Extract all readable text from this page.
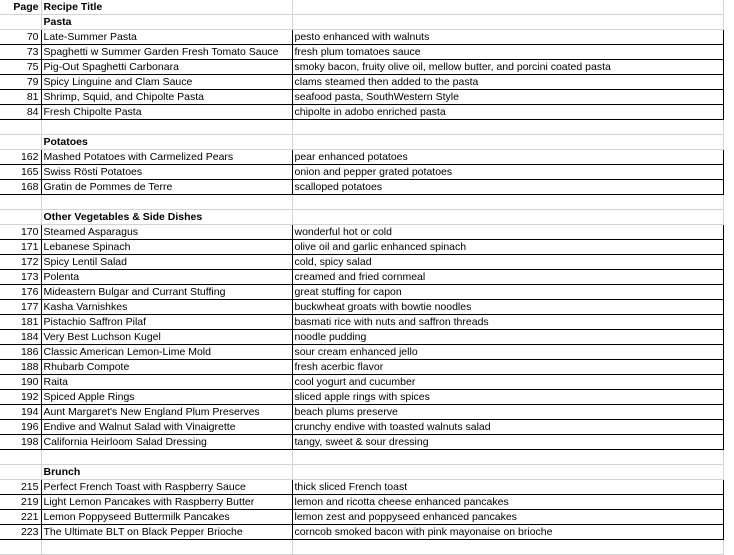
Page	Recipe Title	
	Pasta	
70	Late-Summer Pasta	pesto enhanced with walnuts
73	Spaghetti w Summer Garden Fresh Tomato Sauce	fresh plum tomatoes sauce
75	Pig-Out Spaghetti Carbonara	smoky bacon, fruity olive oil, mellow butter, and porcini coated pasta
79	Spicy Linguine and Clam Sauce	clams steamed then added to the pasta
81	Shrimp, Squid, and Chipolte Pasta	seafood pasta, SouthWestern Style
84	Fresh Chipolte Pasta	chipolte in adobo enriched pasta

	Potatoes	
162	Mashed Potatoes with Carmelized Pears	pear enhanced potatoes
165	Swiss Rösti Potatoes	onion and pepper grated potatoes
168	Gratin de Pommes de Terre	scalloped potatoes

	Other Vegetables & Side Dishes	
170	Steamed Asparagus	wonderful hot or cold
171	Lebanese Spinach	olive oil and garlic enhanced spinach
172	Spicy Lentil Salad	cold, spicy salad
173	Polenta	creamed and fried cornmeal
176	Mideastern Bulgar and Currant Stuffing	great stuffing for capon
177	Kasha Varnishkes	buckwheat groats with bowtie noodles
181	Pistachio Saffron Pilaf	basmati rice with nuts and saffron threads
184	Very Best Luchson Kugel	noodle pudding
186	Classic American Lemon-Lime Mold	sour cream enhanced jello
188	Rhubarb Compote	fresh acerbic flavor
190	Raita	cool yogurt and cucumber
192	Spiced Apple Rings	sliced apple rings with spices
194	Aunt Margaret's New England Plum Preserves	beach plums preserve
196	Endive and Walnut Salad with Vinaigrette	crunchy endive with toasted walnuts salad
198	California Heirloom Salad Dressing	tangy, sweet & sour dressing

	Brunch	
215	Perfect French Toast with Raspberry Sauce	thick sliced French toast
219	Light Lemon Pancakes with Raspberry Butter	lemon and ricotta cheese enhanced pancakes
221	Lemon Poppyseed Buttermilk Pancakes	lemon zest and poppyseed enhanced pancakes
223	The Ultimate BLT on Black Pepper Brioche	corncob smoked bacon with pink mayonaise on brioche
